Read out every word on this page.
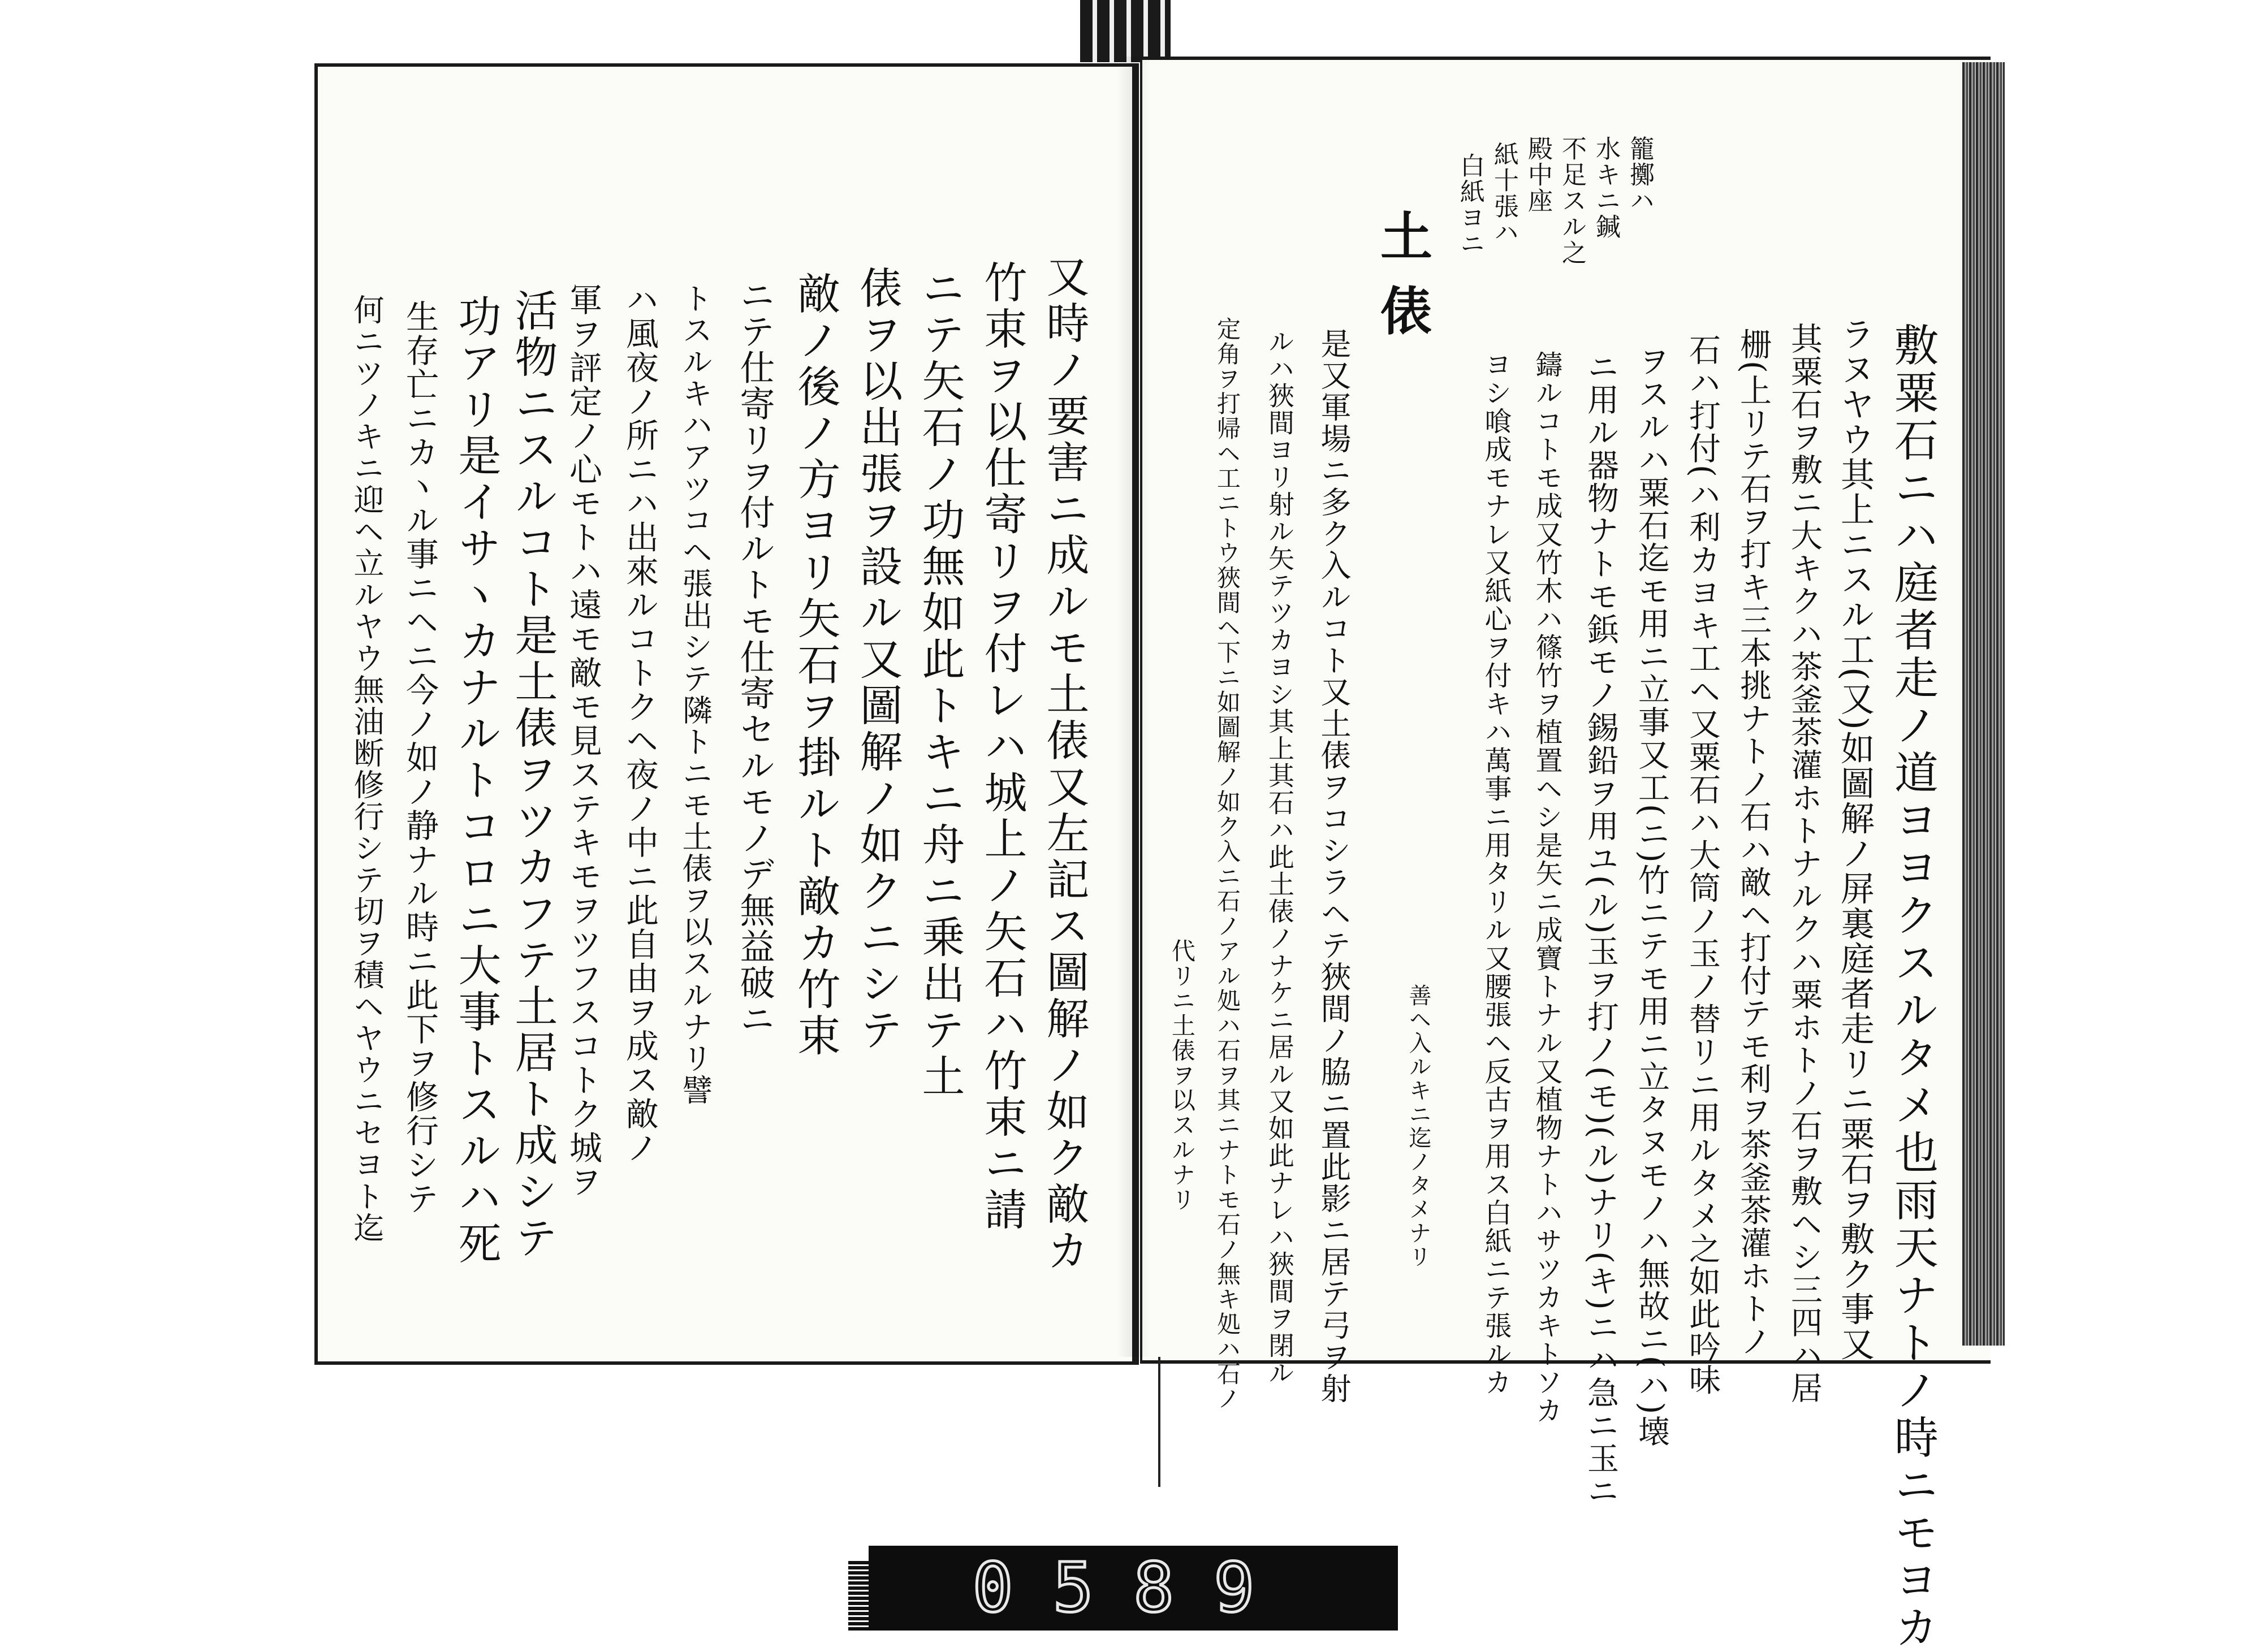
籠擲ハ
水キニ鍼
不足スル之
殿中座
紙十張ハ
白紙ヨニ
土俵
敷粟石ニハ庭者走ノ道ヨヨクスルタメ也雨天ナトノ時ニモヨカ
ラヌヤウ其上ニスル工(又)如圖解ノ屏裏庭者走リニ粟石ヲ敷ク事又
其粟石ヲ敷ニ大キクハ茶釜茶灌ホトナルクハ粟ホトノ石ヲ敷ヘシ三四ハ居
栅(上リテ石ヲ打キ三本挑ナトノ石ハ敵ヘ打付テモ利ヲ茶釜茶灌ホトノ
石ハ打付(ハ利カヨキ工ヘ又粟石ハ大筒ノ玉ノ替リニ用ルタメ之如此吟味
ヲスルハ粟石迄モ用ニ立事又工(ニ)竹ニテモ用ニ立タヌモノハ無故ニ(ハ)壊
ニ用ル器物ナトモ鋲モノ錫鉛ヲ用ユ(ル)玉ヲ打ノ(モ)(ル)ナリ(キ)ニハ急ニ玉ニ
鑄ルコトモ成又竹木ハ篠竹ヲ植置ヘシ是矢ニ成寶トナル又植物ナトハサツカキトソカ
ヨシ喰成モナレ又紙心ヲ付キハ萬事ニ用タリル又腰張ヘ反古ヲ用ス白紙ニテ張ルカ
善ヘ入ルキニ迄ノタメナリ
是又軍場ニ多ク入ルコト又土俵ヲコシラヘテ狹間ノ脇ニ置此影ニ居テ弓ヲ射
ルハ狹間ヨリ射ル矢テツカヨシ其上其石ハ此土俵ノナケニ居ル又如此ナレハ狹間ヲ閉ル
定角ヲ打帰ヘ工ニトウ狹間ヘ下ニ如圖解ノ如ク入ニ石ノアル処ハ石ヲ其ニナトモ石ノ無キ処ハ石ノ
代リニ土俵ヲ以スルナリ
又時ノ要害ニ成ルモ土俵又左記ス圖解ノ如ク敵カ
竹束ヲ以仕寄リヲ付レハ城上ノ矢石ハ竹束ニ請
ニテ矢石ノ功無如此トキニ舟ニ乗出テ土
俵ヲ以出張ヲ設ル又圖解ノ如クニシテ
敵ノ後ノ方ヨリ矢石ヲ掛ルト敵カ竹束
ニテ仕寄リヲ付ルトモ仕寄セルモノデ無益破ニ
トスルキハアツコヘ張出シテ隣トニモ土俵ヲ以スルナリ譬
ハ風夜ノ所ニハ出來ルコトクヘ夜ノ中ニ此自由ヲ成ス敵ノ
軍ヲ評定ノ心モトハ遠モ敵モ見ステキモヲツフスコトク城ヲ
活物ニスルコト是土俵ヲツカフテ土居ト成シテ
功アリ是イサヽカナルトコロニ大事トスルハ死
生存亡ニカヽル事ニヘニ今ノ如ノ静ナル時ニ此下ヲ修行シテ
何ニツノキニ迎ヘ立ルヤウ無油断修行シテ切ヲ積ヘヤウニセヨト迄
0589
